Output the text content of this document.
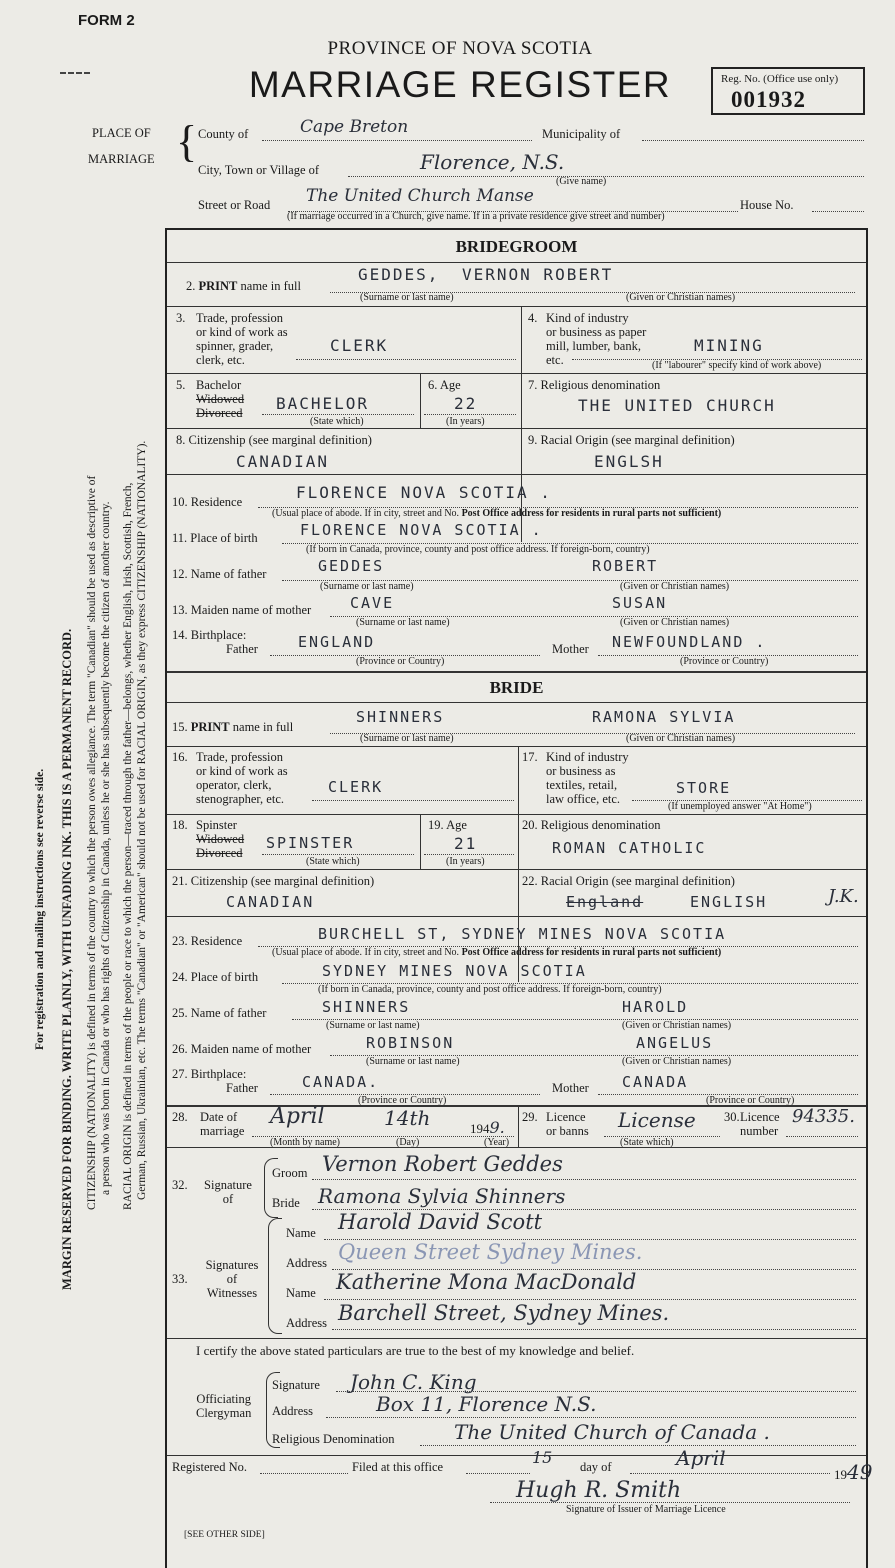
MARGIN RESERVED FOR BINDING. WRITE PLAINLY, WITH UNFADING INK. THIS IS A PERMANENT RECORD.
For registration and mailing instructions see reverse side.	CITIZENSHIP (NATIONALITY) is defined in terms of the country to which the person owes allegiance. The term "Canadian" should be used as descriptive of a person who was born in Canada or who has rights of Citizenship in Canada, unless he or she has subsequently become the citizen of another country. RACIAL ORIGIN is defined in terms of the people or race to which the person—traced through the father—belongs, whether English, Irish, Scottish, French, German, Russian, Ukrainian, etc. The terms "Canadian" or "American" should not be used for RACIAL ORIGIN, as they express CITIZENSHIP (NATIONALITY).
FORM 2
PROVINCE OF NOVA SCOTIA
MARRIAGE REGISTER	Reg. No. (Office use only)
001932
PLACE OF
MARRIAGE { County of	Cape Breton	Municipality of
City, Town or Village of	Florence, N.S.
(Give name)
Street or Road The United Church Manse	House No.
(If marriage occurred in a Church, give name. If in a private residence give street and number)
BRIDEGROOM
2. PRINT name in full
GEDDES, VERNON ROBERT
(Surname or last name)	(Given or Christian names)
3. Trade, profession
or kind of work as
spinner, grader,
clerk, etc.
CLERK
4. Kind of industry
or business as paper
mill, lumber, bank,
etc.
MINING
(If "labourer" specify kind of work above)
5. Bachelor
Widowed
Divorced BACHELOR
(State which)
6. Age
22
(In years)
7. Religious denomination
THE UNITED CHURCH
8. Citizenship (see marginal definition)
CANADIAN
9. Racial Origin (see marginal definition)
ENGLSH
10. Residence	FLORENCE NOVA SCOTIA .
(Usual place of abode. If in city, street and No. Post Office address for residents in rural parts not sufficient)
11. Place of birth	FLORENCE NOVA SCOTIA .
(If born in Canada, province, county and post office address. If foreign-born, country)
12. Name of father	GEDDES	ROBERT
(Surname or last name)	(Given or Christian names)
13. Maiden name of mother	CAVE	SUSAN
(Surname or last name)	(Given or Christian names)
14. Birthplace:
Father	ENGLAND
(Province or Country)
Mother NEWFOUNDLAND .
(Province or Country)
BRIDE
15. PRINT name in full
SHINNERS	RAMONA SYLVIA
(Surname or last name)	(Given or Christian names)
16. Trade, profession
or kind of work as
operator, clerk,
stenographer, etc.
CLERK
17. Kind of industry
or business as
textiles, retail,
law office, etc.
STORE
(If unemployed answer "At Home")
18. Spinster
Widowed
Divorced
SPINSTER
(State which)
19. Age
21
(In years)
20. Religious denomination
ROMAN CATHOLIC
21. Citizenship (see marginal definition)
CANADIAN
22. Racial Origin (see marginal definition)
England	ENGLISH	J.K.
23. Residence	BURCHELL ST, SYDNEY MINES NOVA SCOTIA
(Usual place of abode. If in city, street and No. Post Office address for residents in rural parts not sufficient)
24. Place of birth	SYDNEY MINES NOVA SCOTIA
(If born in Canada, province, county and post office address. If foreign-born, country)
25. Name of father	SHINNERS	HAROLD
(Surname or last name)	(Given or Christian names)
26. Maiden name of mother	ROBINSON	ANGELUS
(Surname or last name)	(Given or Christian names)
27. Birthplace:
Father	CANADA.
(Province or Country)
Mother CANADA
(Province or Country)
28. Date of
marriage
April	14th	1949.
(Month by name)	(Day)	(Year)
29. Licence
or banns License
(State which)
30. Licence
number
94335.
32.	Signature
of
Groom Vernon Robert Geddes
Bride Ramona Sylvia Shinners
33.
Signatures
of
Witnesses
Name Harold David Scott
Address Queen Street Sydney Mines.
Name Katherine Mona MacDonald
Address Barchell Street, Sydney Mines.
I certify the above stated particulars are true to the best of my knowledge and belief.
Officiating
Clergyman
Signature John C. King
Address	Box 11, Florence N.S.
Religious Denomination	The United Church of Canada .
Registered No.	Filed at this office	15 day of	April
1949
Hugh R. Smith
Signature of Issuer of Marriage Licence
[SEE OTHER SIDE]
